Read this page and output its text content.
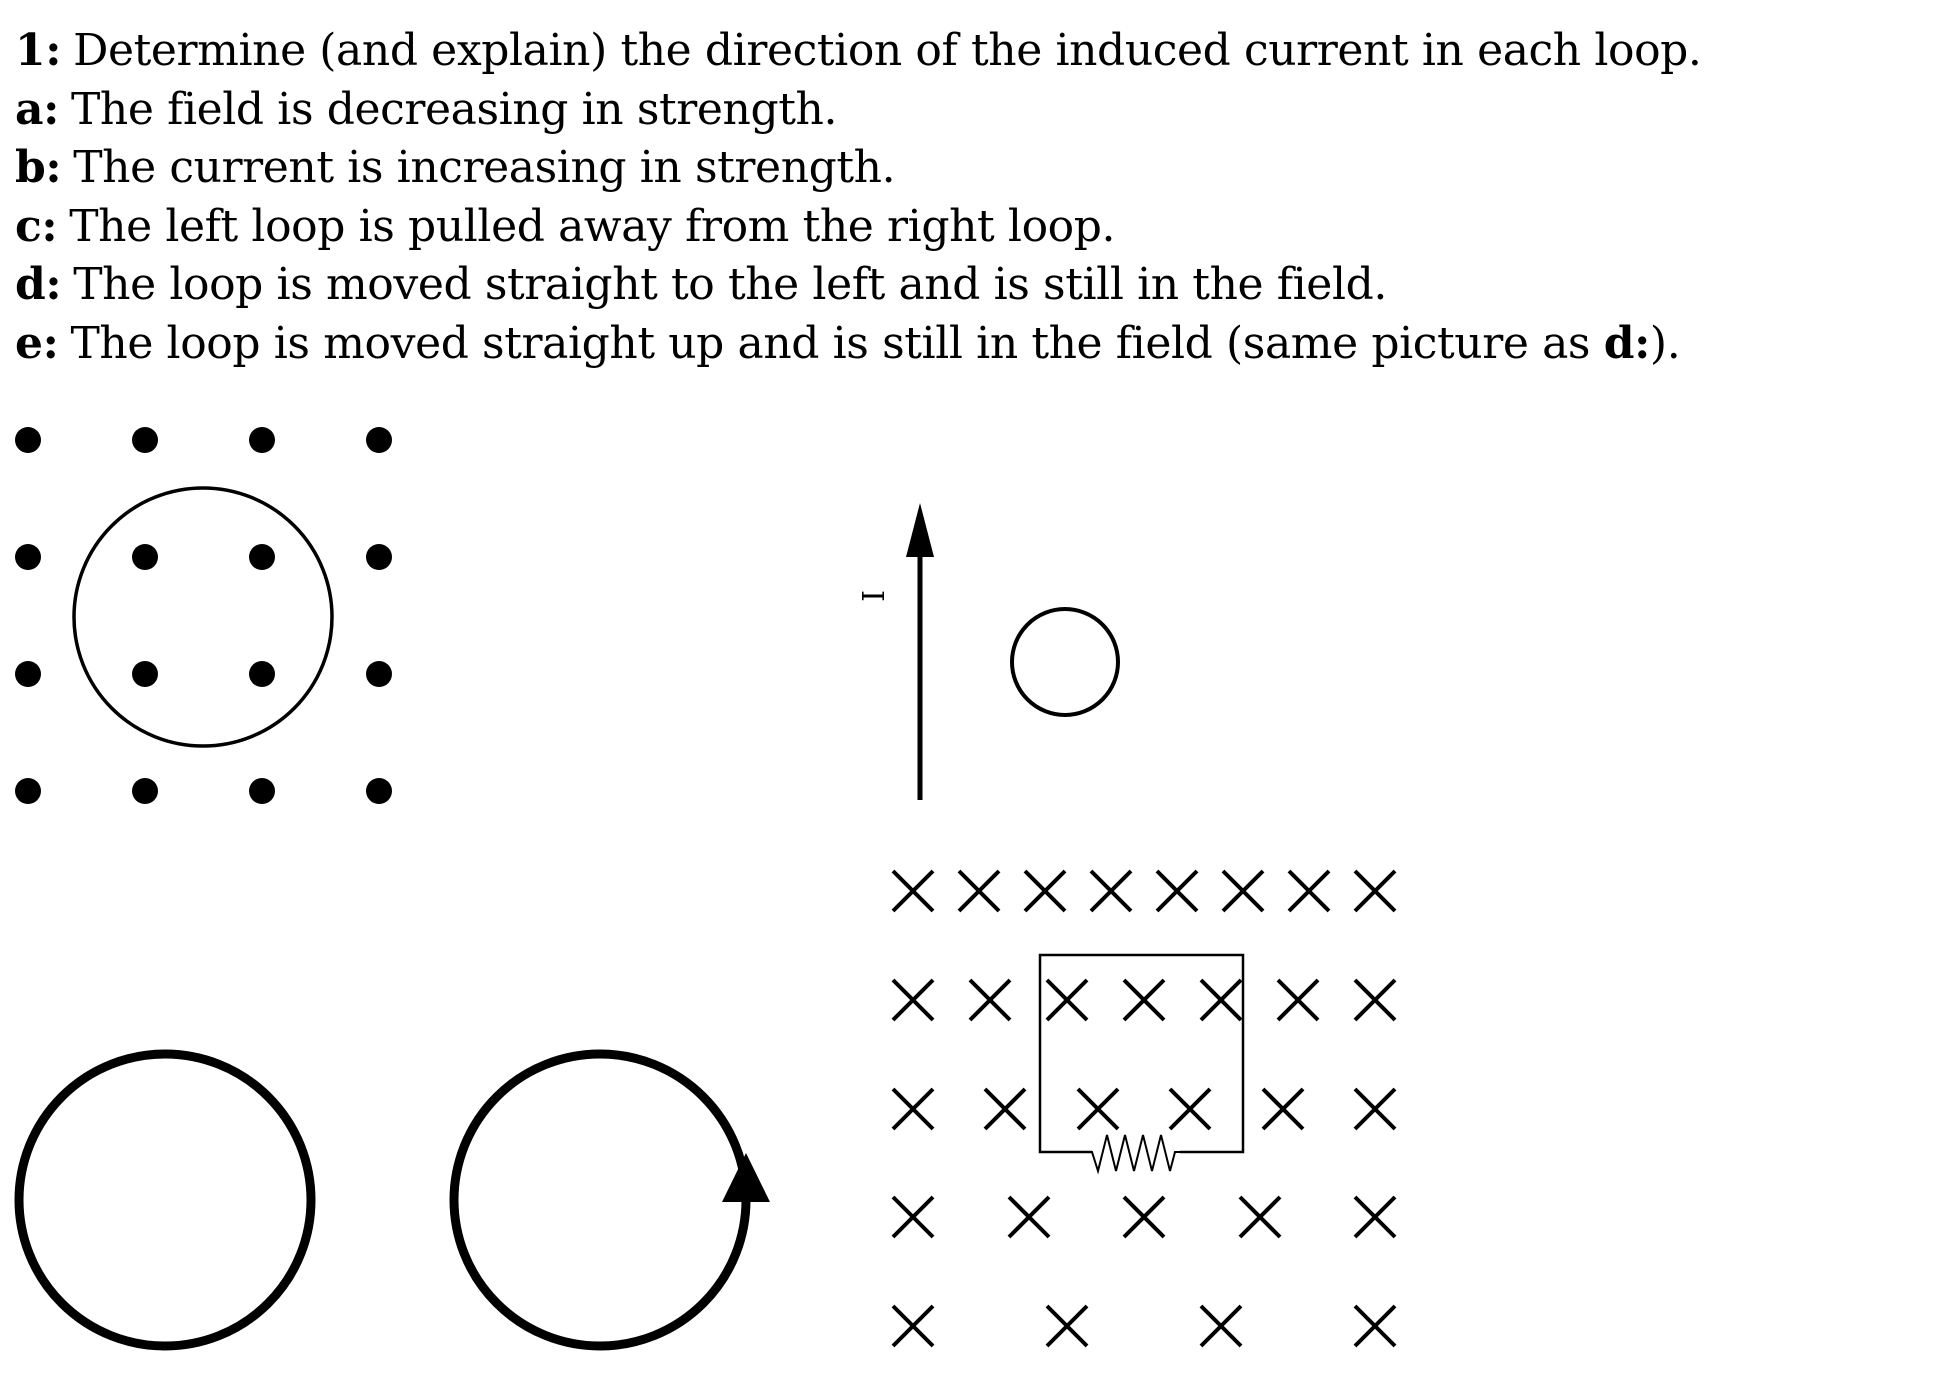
1: Determine (and explain) the direction of the induced current in each loop.
a: The field is decreasing in strength.
b: The current is increasing in strength.
c: The left loop is pulled away from the right loop.
d: The loop is moved straight to the left and is still in the field.
e: The loop is moved straight up and is still in the field (same picture as d:).
I
